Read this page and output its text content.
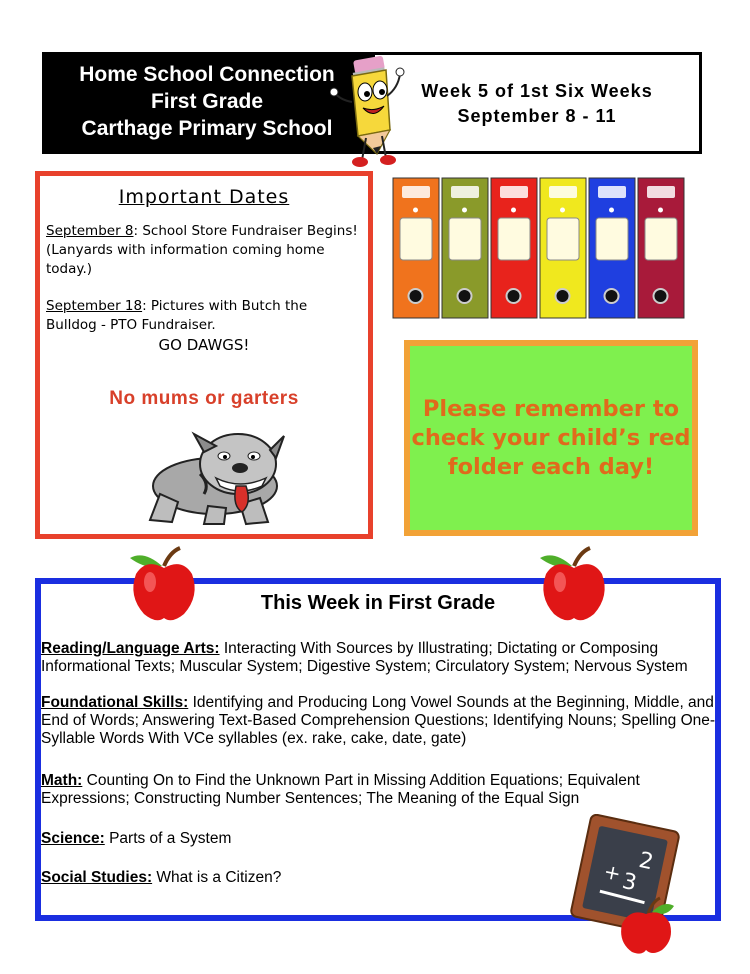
Home School Connection
First Grade
Carthage Primary School
Week 5 of 1st Six Weeks
September 8 - 11
Important Dates

September 8: School Store Fundraiser Begins! (Lanyards with information coming home today.)

September 18: Pictures with Butch the Bulldog - PTO Fundraiser.

GO DAWGS!
No mums or garters	Please remember to check your child’s red folder each day!
This Week in First Grade
Reading/Language Arts: Interacting With Sources by Illustrating; Dictating or Composing Informational Texts; Muscular System; Digestive System; Circulatory System; Nervous System
Foundational Skills: Identifying and Producing Long Vowel Sounds at the Beginning, Middle, and End of Words; Answering Text-Based Comprehension Questions; Identifying Nouns; Spelling One-Syllable Words With VCe syllables (ex. rake, cake, date, gate)
Math: Counting On to Find the Unknown Part in Missing Addition Equations; Equivalent Expressions; Constructing Number Sentences; The Meaning of the Equal Sign
Science: Parts of a System
Social Studies: What is a Citizen?
2
+
3
